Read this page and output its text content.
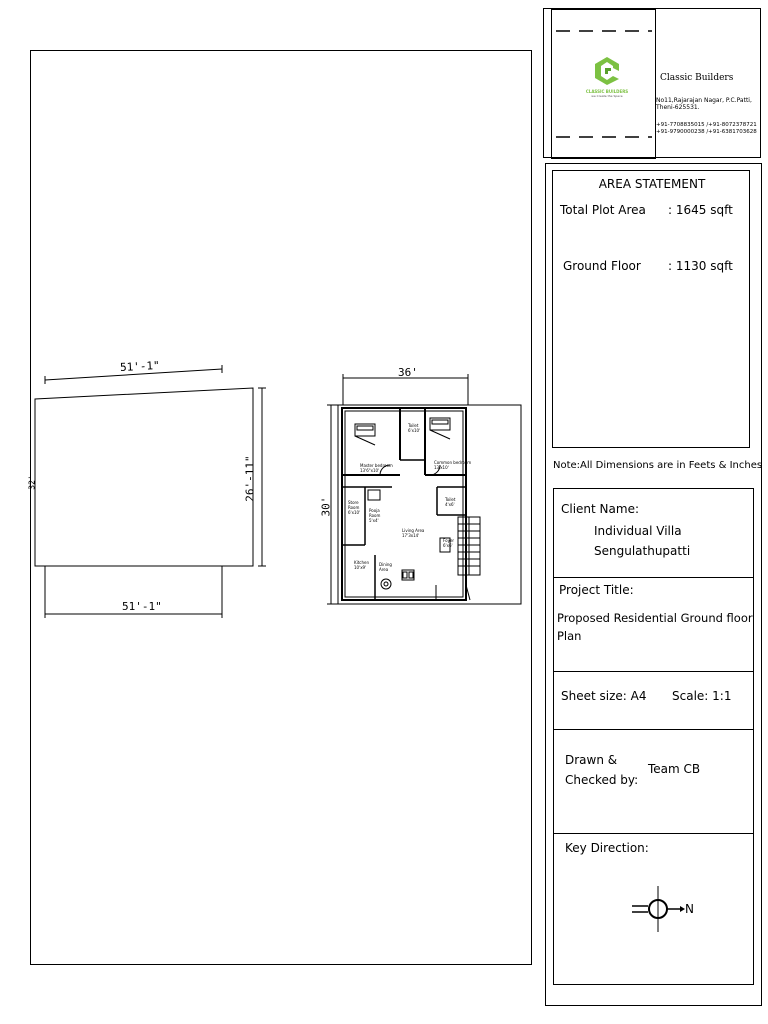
51'-1"
51'-1"
26'-11"
32'
36'
30'
Master bedroom
13'6"x10'
Toilet
6'x10'
Common bedroom
13'x10'
Store Room
6'x10'	Pooja Room
5'x4'
Living Area
17'3x14'
Toilet
4'x6'
Foyer
6'x6'
Kitchen
10'x9'
Dining Area
CLASSIC BUILDERS
we Create the Space
Classic Builders
No11,Rajarajan Nagar, P.C.Patti,
Theni-625531.
+91-7708835015 /+91-8072378721
+91-9790000238 /+91-6381703628
AREA STATEMENT
Total Plot Area : 1645 sqft
Ground Floor : 1130 sqft
Note:All Dimensions are in Feets & Inches
Client Name:
Individual Villa
Sengulathupatti
Project Title:
Proposed Residential Ground floor
Plan
Sheet size: A4 Scale: 1:1
Drawn &
Checked by:
Team CB
Key Direction:
N
